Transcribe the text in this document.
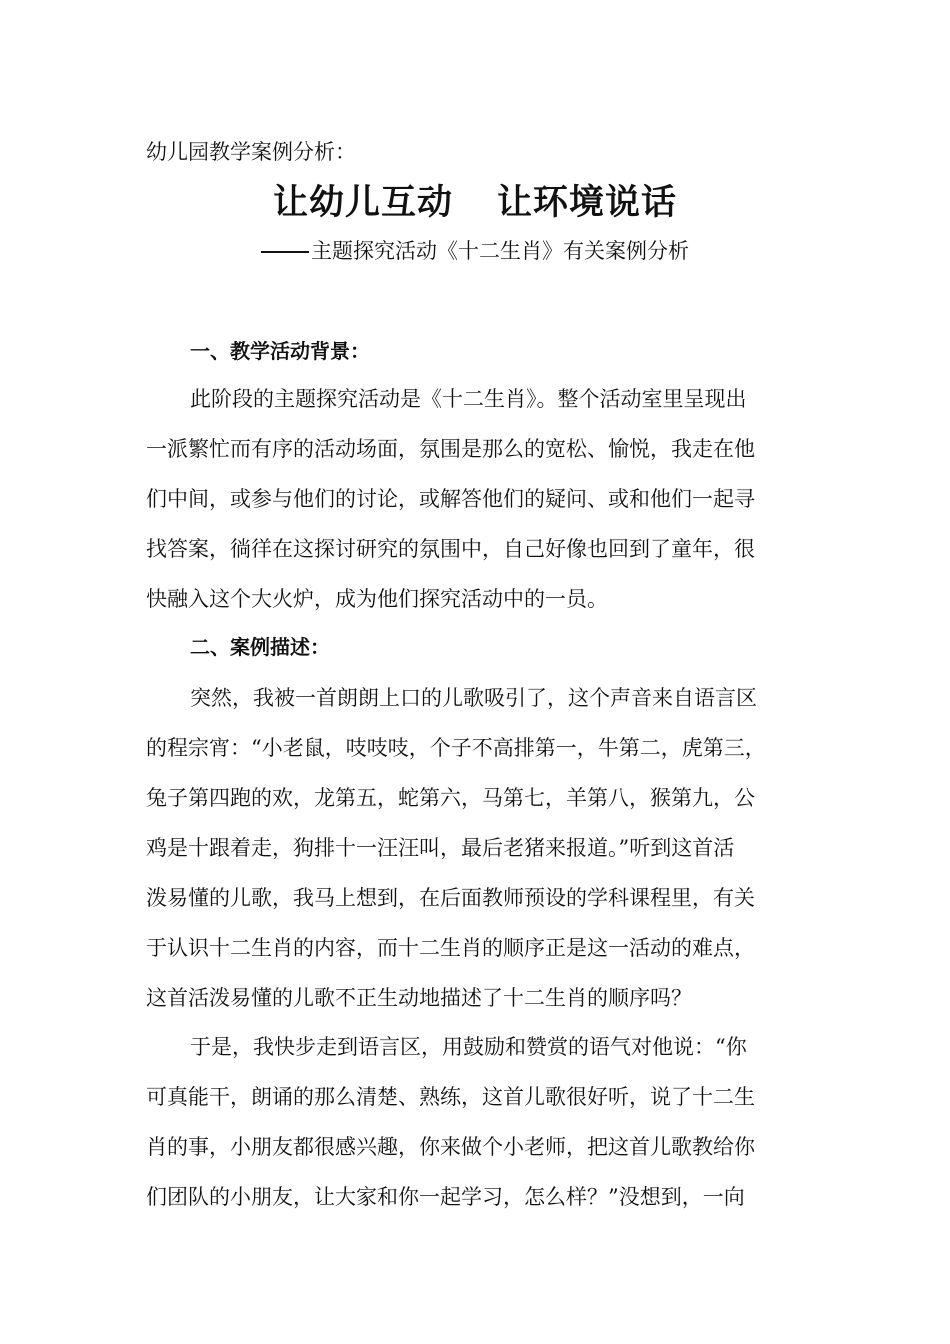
幼儿园教学案例分析：
让幼儿互动 让环境说话
主题探究活动《十二生肖》有关案例分析
一、教学活动背景：
此阶段的主题探究活动是《十二生肖》。整个活动室里呈现出
一派繁忙而有序的活动场面，氛围是那么的宽松、愉悦，我走在他
们中间，或参与他们的讨论，或解答他们的疑问、或和他们一起寻
找答案，徜徉在这探讨研究的氛围中，自己好像也回到了童年，很
快融入这个大火炉，成为他们探究活动中的一员。
二、案例描述：
突然，我被一首朗朗上口的儿歌吸引了，这个声音来自语言区
的程宗宵：“小老鼠，吱吱吱，个子不高排第一，牛第二，虎第三，
兔子第四跑的欢，龙第五，蛇第六，马第七，羊第八，猴第九，公
鸡是十跟着走，狗排十一汪汪叫，最后老猪来报道。”听到这首活
泼易懂的儿歌，我马上想到，在后面教师预设的学科课程里，有关
于认识十二生肖的内容，而十二生肖的顺序正是这一活动的难点，
这首活泼易懂的儿歌不正生动地描述了十二生肖的顺序吗？
于是，我快步走到语言区，用鼓励和赞赏的语气对他说：“你
可真能干，朗诵的那么清楚、熟练，这首儿歌很好听，说了十二生
肖的事，小朋友都很感兴趣，你来做个小老师，把这首儿歌教给你
们团队的小朋友，让大家和你一起学习，怎么样？”没想到，一向
